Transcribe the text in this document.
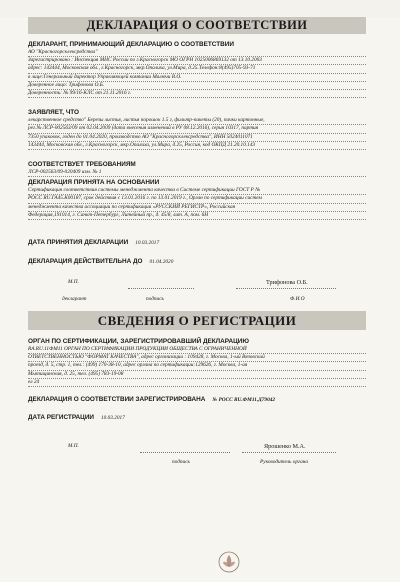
ДЕКЛАРАЦИЯ О СООТВЕТСТВИИ
ДЕКЛАРАНТ, ПРИНИМАЮЩИЙ ДЕКЛАРАЦИЮ О СООТВЕТСТВИИ
АО "Красногорсклексредства"
Зарегистрировано : Инспекция МНС России по г.Красногорск МО ОГРН 1025006869132 от 13.10.2003
адрес: 143444, Московская обл., г.Красногорск, мкр.Опалиха, ул.Мира, д.25.Телефон:8(495)705-93-71
в лице:Генеральный директор Управляющей компании Малючи В.О.
Доверенное лицо: Трифонова О.Б.
Доверенность: № 99/16-КЛС от 21.11.2016 г.
ЗАЯВЛЯЕТ, ЧТО
лекарственное средство" Березы листья, листья порошок 1.5 г, фильтр-пакеты (20), пачки картонные,
рег.№ ЛСР-002563/09 от 02.04.2009 (дата внесения изменений в РУ 08.12.2016), серия 10317, партия
7350 упаковок, годен до 01.04.2020, производство АО "Красногорсклексредства", ИНН 5024011071
143444, Московская обл., г.Красногорск, мкр.Опалиха, ул.Мира, д.25, Россия, код ОКПД 21.20.10.143
СООТВЕТСТВУЕТ ТРЕБОВАНИЯМ
ЛСР-002563/09-020409 изм. № 1
ДЕКЛАРАЦИЯ ПРИНЯТА НА ОСНОВАНИИ
Сертификация соответствия системы менеджмента качества в Системе сертификации ГОСТ Р №
РОСС RU.ГА45.К00187, срок действия с 13.01.2016 г. по 13.01.2019 г., Орган по сертификации систем
менеджмента качества ассоциации по сертификации «РУССКИЙ РЕГИСТР», Российская
Федерация,191014, г. Санкт-Петербург, Литейный пр., д. 45/8, лит. А, пом. 6Н
ДАТА ПРИНЯТИЯ ДЕКЛАРАЦИИ 10.03.2017
ДЕКЛАРАЦИЯ ДЕЙСТВИТЕЛЬНА ДО 01.04.2020
М.П.	Трифонова О.Б.
декларант	подпись	Ф.И.О
СВЕДЕНИЯ О РЕГИСТРАЦИИ
ОРГАН ПО СЕРТИФИКАЦИИ, ЗАРЕГИСТРИРОВАВШИЙ ДЕКЛАРАЦИЮ
RA.RU.11ФМ11 ОРГАН ПО СЕРТИФИКАЦИИ ПРОДУКЦИИ ОБЩЕСТВА С ОГРАНИЧЕННОЙ
ОТВЕТСТВЕННОСТЬЮ "ФОРМАТ КАЧЕСТВА", адрес организации : 109428, г. Москва, 1-ый Вязовский
проезд, д. 5, стр. 1, тел.: (499) 170-38-10, адрес органа по сертификации:129626, г. Москва, 1-ая
Мытищинская, д. 25, тел. (495) 783-19-08
ел 24
ДЕКЛАРАЦИЯ О СООТВЕТСТВИИ ЗАРЕГИСТРИРОВАНА № РОСС RU.ФМ11.Д79042
ДАТА РЕГИСТРАЦИИ 10.03.2017
М.П.	Ярошенко М.А.
подпись	Руководитель органа
